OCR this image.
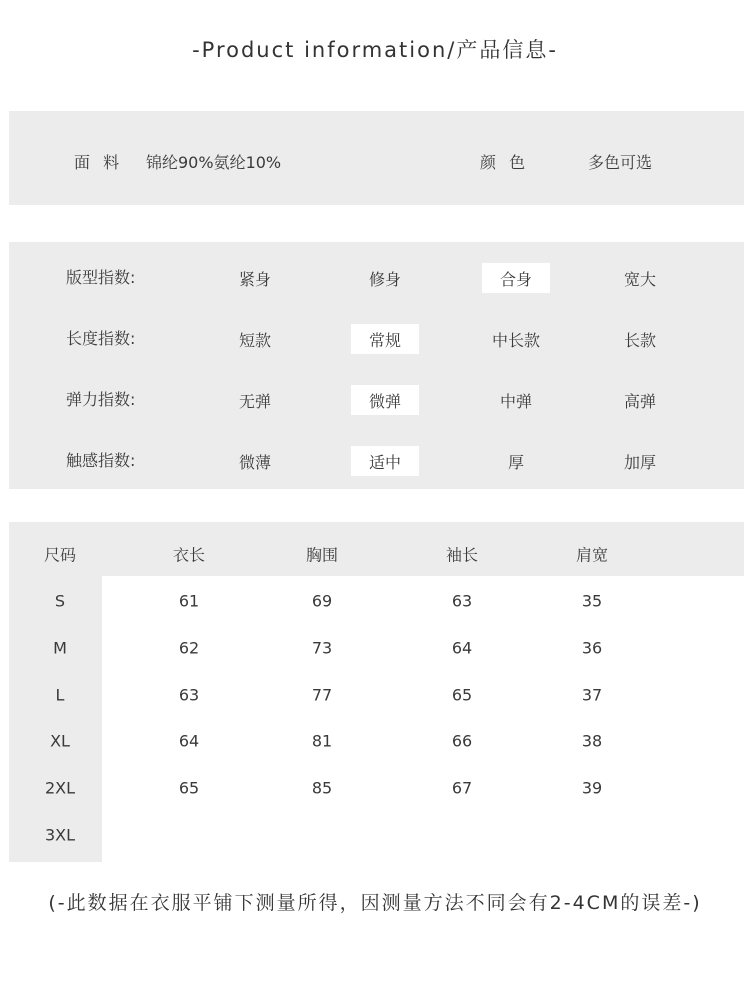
-Product information/产品信息-
面  料 锦纶90%氨纶10%	颜  色	多色可选
版型指数:	紧身	修身	合身	宽大
长度指数:	短款	常规	中长款	长款
弹力指数:	无弹	微弹	中弹	高弹
触感指数:	微薄	适中	厚	加厚
尺码	衣长	胸围	袖长	肩宽
S	61	69	63	35
M	62	73	64	36
L	63	77	65	37
XL	64	81	66	38
2XL	65	85	67	39
3XL
(-此数据在衣服平铺下测量所得，因测量方法不同会有2-4CM的误差-)
